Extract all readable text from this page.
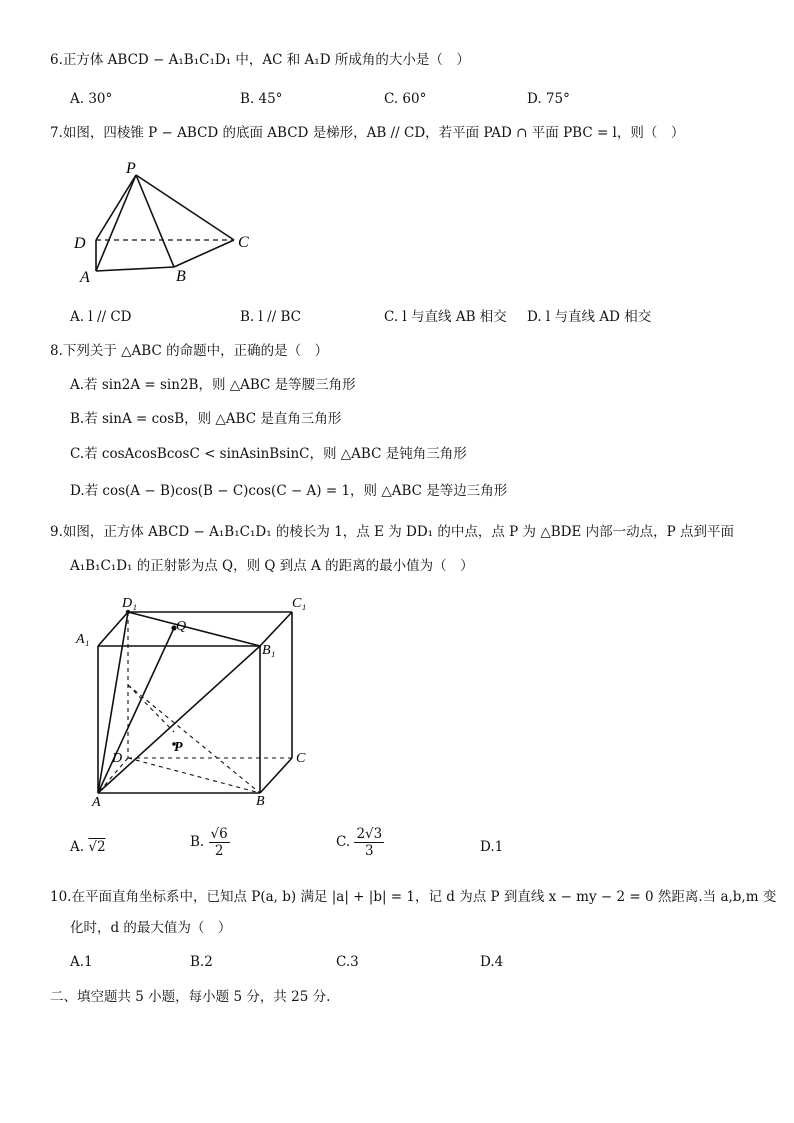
6.正方体 ABCD − A₁B₁C₁D₁ 中，AC 和 A₁D 所成角的大小是（　）
A. 30°	B. 45°	C. 60°	D. 75°
7.如图，四棱锥 P − ABCD 的底面 ABCD 是梯形，AB // CD，若平面 PAD ∩ 平面 PBC = l，则（　）
P
D	C
A	B
A. l // CD	B. l // BC	C. l 与直线 AB 相交 D. l 与直线 AD 相交
8.下列关于 △ABC 的命题中，正确的是（　）
A.若 sin2A = sin2B，则 △ABC 是等腰三角形
B.若 sinA = cosB，则 △ABC 是直角三角形
C.若 cosAcosBcosC < sinAsinBsinC，则 △ABC 是钝角三角形
D.若 cos(A − B)cos(B − C)cos(C − A) = 1，则 △ABC 是等边三角形
9.如图，正方体 ABCD − A₁B₁C₁D₁ 的棱长为 1，点 E 为 DD₁ 的中点，点 P 为 △BDE 内部一动点，P 点到平面
A₁B₁C₁D₁ 的正射影为点 Q，则 Q 到点 A 的距离的最小值为（　）
D₁	C₁
A₁
B₁
Q
D	C
A	B
P
A. √2	B. $\frac{√6}{2}$	C. $\frac{2√3}{3}$	D.1
10.在平面直角坐标系中，已知点 P(a, b) 满足 |a| + |b| = 1，记 d 为点 P 到直线 x − my − 2 = 0 然距离.当 a,b,m 变
化时，d 的最大值为（　）
A.1	B.2	C.3	D.4
二、填空题共 5 小题，每小题 5 分，共 25 分.
